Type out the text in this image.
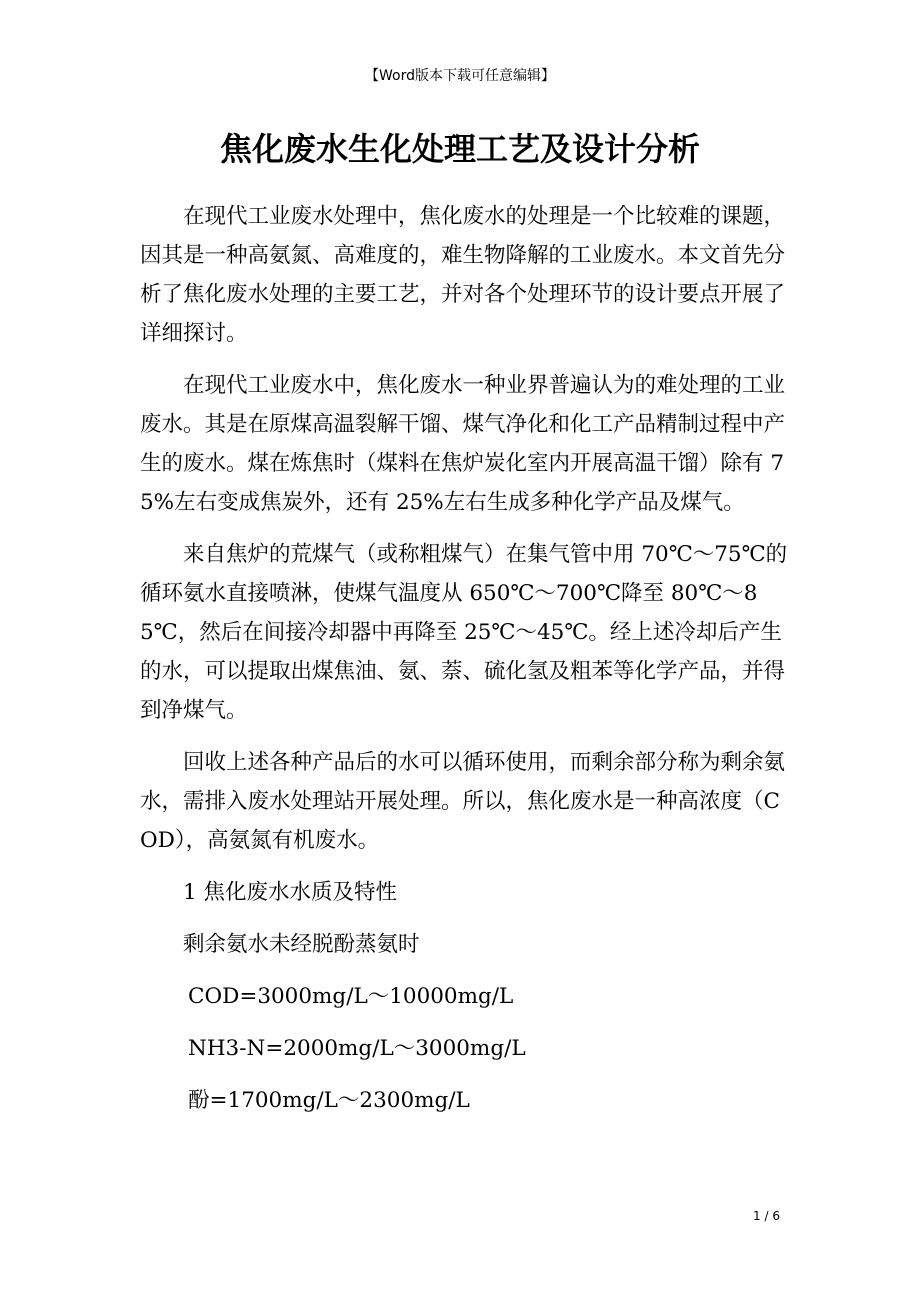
【Word版本下载可任意编辑】
焦化废水生化处理工艺及设计分析

在现代工业废水处理中，焦化废水的处理是一个比较难的课题，因其是一种高氨氮、高难度的，难生物降解的工业废水。本文首先分析了焦化废水处理的主要工艺，并对各个处理环节的设计要点开展了详细探讨。

在现代工业废水中，焦化废水一种业界普遍认为的难处理的工业废水。其是在原煤高温裂解干馏、煤气净化和化工产品精制过程中产生的废水。煤在炼焦时（煤料在焦炉炭化室内开展高温干馏）除有 75%左右变成焦炭外，还有 25%左右生成多种化学产品及煤气。

来自焦炉的荒煤气（或称粗煤气）在集气管中用 70℃～75℃的循环氨水直接喷淋，使煤气温度从 650℃～700℃降至 80℃～85℃，然后在间接冷却器中再降至 25℃～45℃。经上述冷却后产生的水，可以提取出煤焦油、氨、萘、硫化氢及粗苯等化学产品，并得到净煤气。

回收上述各种产品后的水可以循环使用，而剩余部分称为剩余氨水，需排入废水处理站开展处理。所以，焦化废水是一种高浓度（COD），高氨氮有机废水。

1 焦化废水水质及特性

剩余氨水未经脱酚蒸氨时

COD=3000mg/L～10000mg/L

NH3-N=2000mg/L～3000mg/L

酚=1700mg/L～2300mg/L

1 / 6
